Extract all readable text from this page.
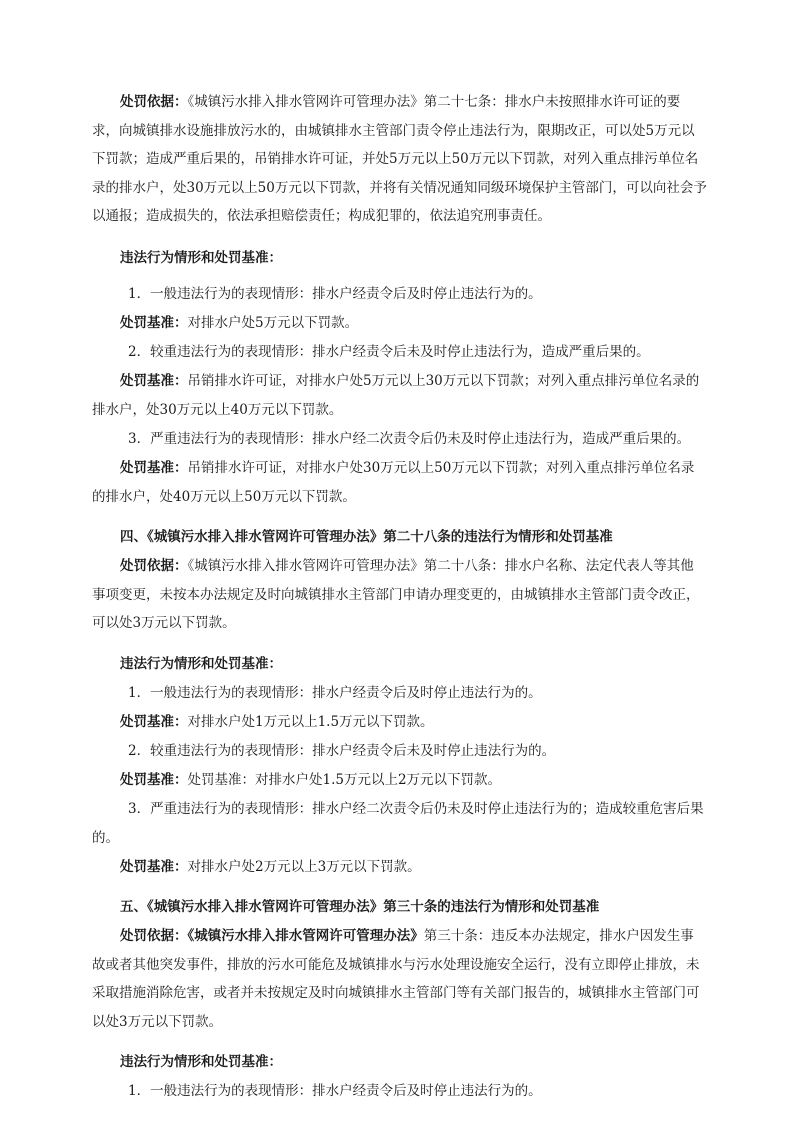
处罚依据：《城镇污水排入排水管网许可管理办法》第二十七条：排水户未按照排水许可证的要求，向城镇排水设施排放污水的，由城镇排水主管部门责令停止违法行为，限期改正，可以处5万元以下罚款；造成严重后果的，吊销排水许可证，并处5万元以上50万元以下罚款，对列入重点排污单位名录的排水户，处30万元以上50万元以下罚款，并将有关情况通知同级环境保护主管部门，可以向社会予以通报；造成损失的，依法承担赔偿责任；构成犯罪的，依法追究刑事责任。

违法行为情形和处罚基准：

1．一般违法行为的表现情形：排水户经责令后及时停止违法行为的。

处罚基准：对排水户处5万元以下罚款。

2．较重违法行为的表现情形：排水户经责令后未及时停止违法行为，造成严重后果的。

处罚基准：吊销排水许可证，对排水户处5万元以上30万元以下罚款；对列入重点排污单位名录的排水户，处30万元以上40万元以下罚款。

3．严重违法行为的表现情形：排水户经二次责令后仍未及时停止违法行为，造成严重后果的。

处罚基准：吊销排水许可证，对排水户处30万元以上50万元以下罚款；对列入重点排污单位名录的排水户，处40万元以上50万元以下罚款。

四、《城镇污水排入排水管网许可管理办法》第二十八条的违法行为情形和处罚基准

处罚依据：《城镇污水排入排水管网许可管理办法》第二十八条：排水户名称、法定代表人等其他事项变更，未按本办法规定及时向城镇排水主管部门申请办理变更的，由城镇排水主管部门责令改正，可以处3万元以下罚款。

违法行为情形和处罚基准：

1．一般违法行为的表现情形：排水户经责令后及时停止违法行为的。

处罚基准：对排水户处1万元以上1.5万元以下罚款。

2．较重违法行为的表现情形：排水户经责令后未及时停止违法行为的。

处罚基准：处罚基准：对排水户处1.5万元以上2万元以下罚款。

3．严重违法行为的表现情形：排水户经二次责令后仍未及时停止违法行为的；造成较重危害后果的。

处罚基准：对排水户处2万元以上3万元以下罚款。

五、《城镇污水排入排水管网许可管理办法》第三十条的违法行为情形和处罚基准

处罚依据：《城镇污水排入排水管网许可管理办法》第三十条：违反本办法规定，排水户因发生事故或者其他突发事件，排放的污水可能危及城镇排水与污水处理设施安全运行，没有立即停止排放，未采取措施消除危害，或者并未按规定及时向城镇排水主管部门等有关部门报告的，城镇排水主管部门可以处3万元以下罚款。

违法行为情形和处罚基准：

1．一般违法行为的表现情形：排水户经责令后及时停止违法行为的。
